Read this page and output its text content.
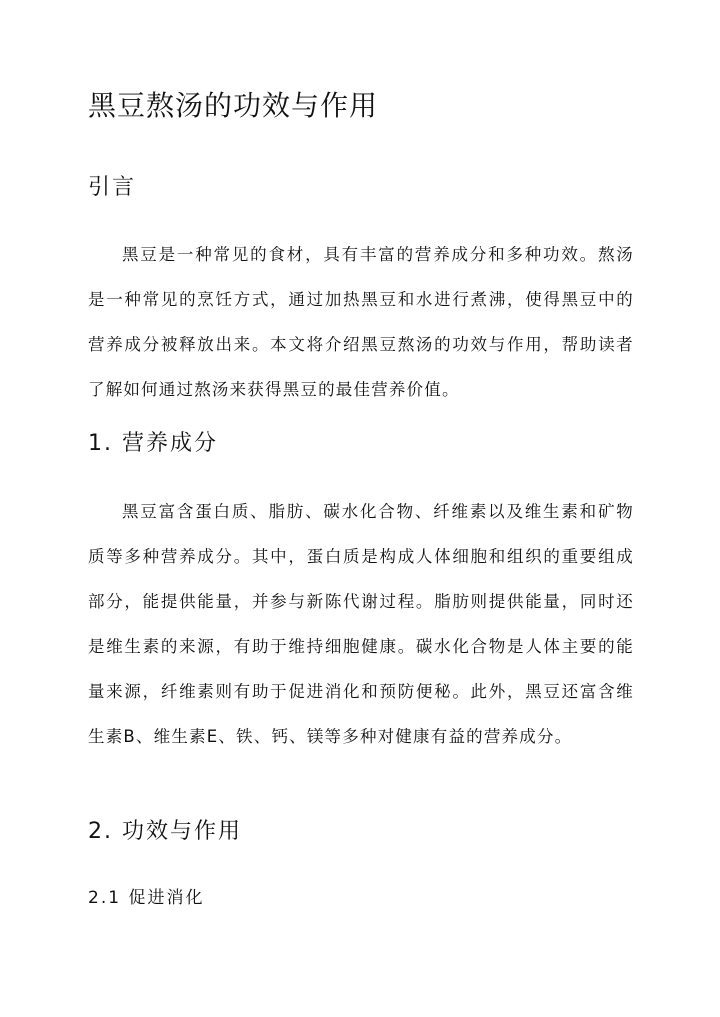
黑豆熬汤的功效与作用
引言

黑豆是一种常见的食材，具有丰富的营养成分和多种功效。熬汤是一种常见的烹饪方式，通过加热黑豆和水进行煮沸，使得黑豆中的营养成分被释放出来。本文将介绍黑豆熬汤的功效与作用，帮助读者了解如何通过熬汤来获得黑豆的最佳营养价值。

1. 营养成分

黑豆富含蛋白质、脂肪、碳水化合物、纤维素以及维生素和矿物质等多种营养成分。其中，蛋白质是构成人体细胞和组织的重要组成部分，能提供能量，并参与新陈代谢过程。脂肪则提供能量，同时还是维生素的来源，有助于维持细胞健康。碳水化合物是人体主要的能量来源，纤维素则有助于促进消化和预防便秘。此外，黑豆还富含维生素B、维生素E、铁、钙、镁等多种对健康有益的营养成分。

2. 功效与作用
2.1 促进消化
